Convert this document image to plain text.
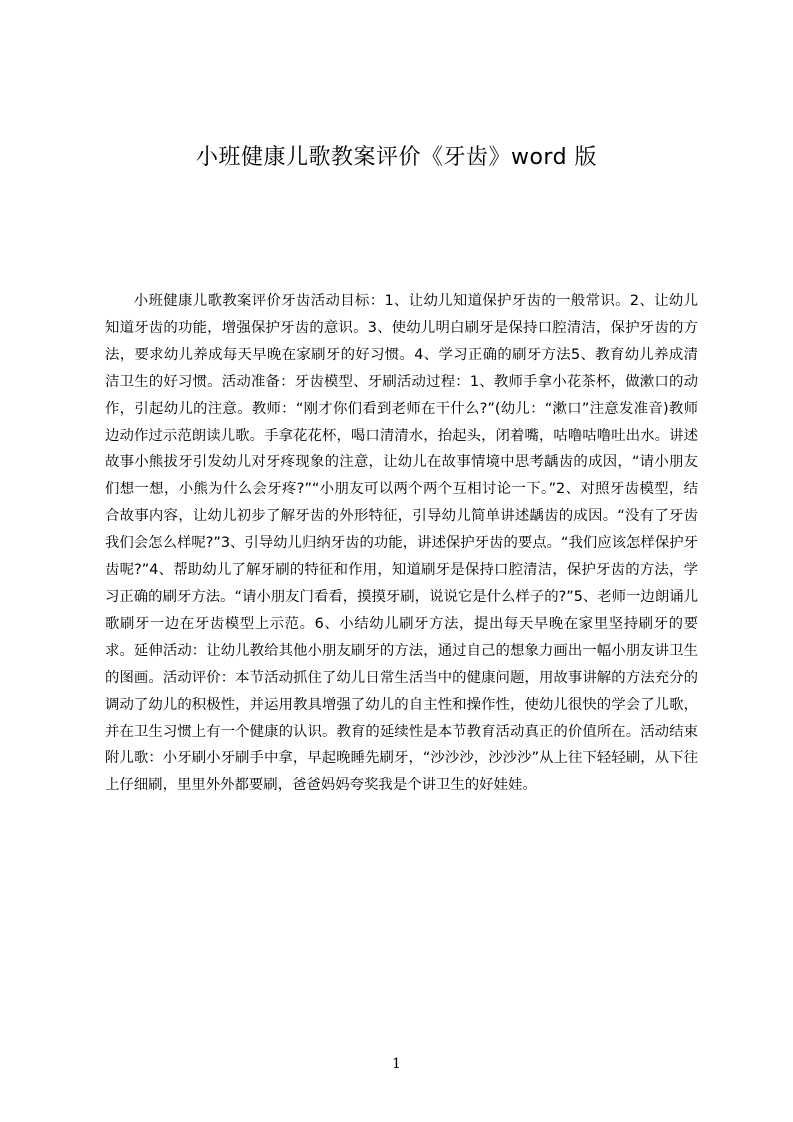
小班健康儿歌教案评价《牙齿》word 版

小班健康儿歌教案评价牙齿活动目标：1、让幼儿知道保护牙齿的一般常识。2、让幼儿知道牙齿的功能，增强保护牙齿的意识。3、使幼儿明白刷牙是保持口腔清洁，保护牙齿的方法，要求幼儿养成每天早晚在家刷牙的好习惯。4、学习正确的刷牙方法5、教育幼儿养成清洁卫生的好习惯。活动准备：牙齿模型、牙刷活动过程：1、教师手拿小花茶杯，做漱口的动作，引起幼儿的注意。教师：“刚才你们看到老师在干什么?”(幼儿：“漱口”注意发准音)教师边动作过示范朗读儿歌。手拿花花杯，喝口清清水，抬起头，闭着嘴，咕噜咕噜吐出水。讲述故事小熊拔牙引发幼儿对牙疼现象的注意，让幼儿在故事情境中思考龋齿的成因，“请小朋友们想一想，小熊为什么会牙疼?”“小朋友可以两个两个互相讨论一下。”2、对照牙齿模型，结合故事内容，让幼儿初步了解牙齿的外形特征，引导幼儿简单讲述龋齿的成因。“没有了牙齿我们会怎么样呢?”3、引导幼儿归纳牙齿的功能，讲述保护牙齿的要点。“我们应该怎样保护牙齿呢?”4、帮助幼儿了解牙刷的特征和作用，知道刷牙是保持口腔清洁，保护牙齿的方法，学习正确的刷牙方法。“请小朋友门看看，摸摸牙刷，说说它是什么样子的?”5、老师一边朗诵儿歌刷牙一边在牙齿模型上示范。6、小结幼儿刷牙方法，提出每天早晚在家里坚持刷牙的要求。延伸活动：让幼儿教给其他小朋友刷牙的方法，通过自己的想象力画出一幅小朋友讲卫生的图画。活动评价：本节活动抓住了幼儿日常生活当中的健康问题，用故事讲解的方法充分的调动了幼儿的积极性，并运用教具增强了幼儿的自主性和操作性，使幼儿很快的学会了儿歌，并在卫生习惯上有一个健康的认识。教育的延续性是本节教育活动真正的价值所在。活动结束附儿歌：小牙刷小牙刷手中拿，早起晚睡先刷牙，“沙沙沙，沙沙沙”从上往下轻轻刷，从下往上仔细刷，里里外外都要刷，爸爸妈妈夸奖我是个讲卫生的好娃娃。

1
